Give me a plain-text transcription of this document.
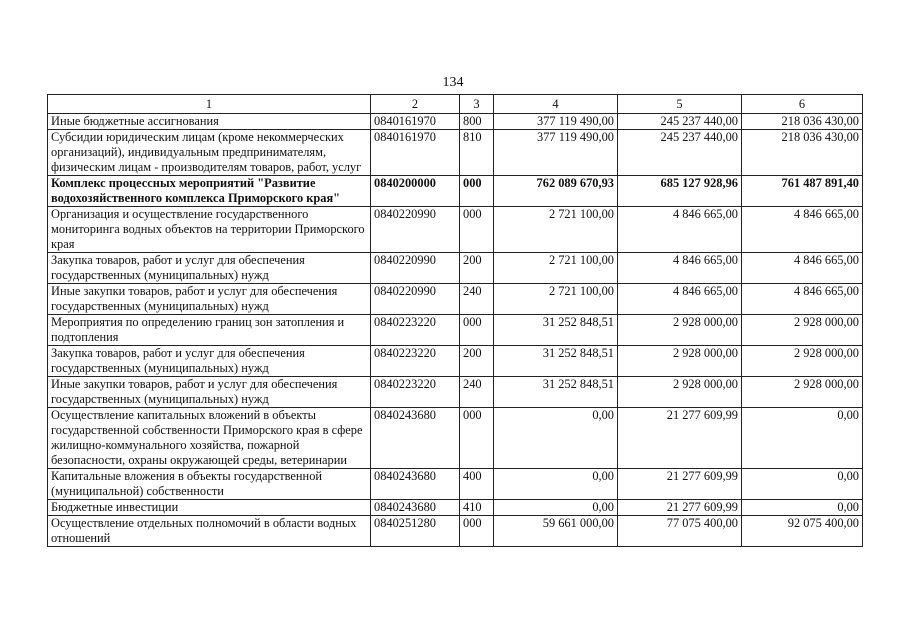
134
1	2	3	4	5	6
Иные бюджетные ассигнования	0840161970	800	377 119 490,00	245 237 440,00	218 036 430,00
Субсидии юридическим лицам (кроме некоммерческих организаций), индивидуальным предпринимателям, физическим лицам - производителям товаров, работ, услуг	0840161970	810	377 119 490,00	245 237 440,00	218 036 430,00
Комплекс процессных мероприятий "Развитие водохозяйственного комплекса Приморского края"	0840200000	000	762 089 670,93	685 127 928,96	761 487 891,40
Организация и осуществление государственного мониторинга водных объектов на территории Приморского края	0840220990	000	2 721 100,00	4 846 665,00	4 846 665,00
Закупка товаров, работ и услуг для обеспечения государственных (муниципальных) нужд	0840220990	200	2 721 100,00	4 846 665,00	4 846 665,00
Иные закупки товаров, работ и услуг для обеспечения государственных (муниципальных) нужд	0840220990	240	2 721 100,00	4 846 665,00	4 846 665,00
Мероприятия по определению границ зон затопления и подтопления	0840223220	000	31 252 848,51	2 928 000,00	2 928 000,00
Закупка товаров, работ и услуг для обеспечения государственных (муниципальных) нужд	0840223220	200	31 252 848,51	2 928 000,00	2 928 000,00
Иные закупки товаров, работ и услуг для обеспечения государственных (муниципальных) нужд	0840223220	240	31 252 848,51	2 928 000,00	2 928 000,00
Осуществление капитальных вложений в объекты государственной собственности Приморского края в сфере жилищно-коммунального хозяйства, пожарной безопасности, охраны окружающей среды, ветеринарии	0840243680	000	0,00	21 277 609,99	0,00
Капитальные вложения в объекты государственной (муниципальной) собственности	0840243680	400	0,00	21 277 609,99	0,00
Бюджетные инвестиции	0840243680	410	0,00	21 277 609,99	0,00
Осуществление отдельных полномочий в области водных отношений	0840251280	000	59 661 000,00	77 075 400,00	92 075 400,00
